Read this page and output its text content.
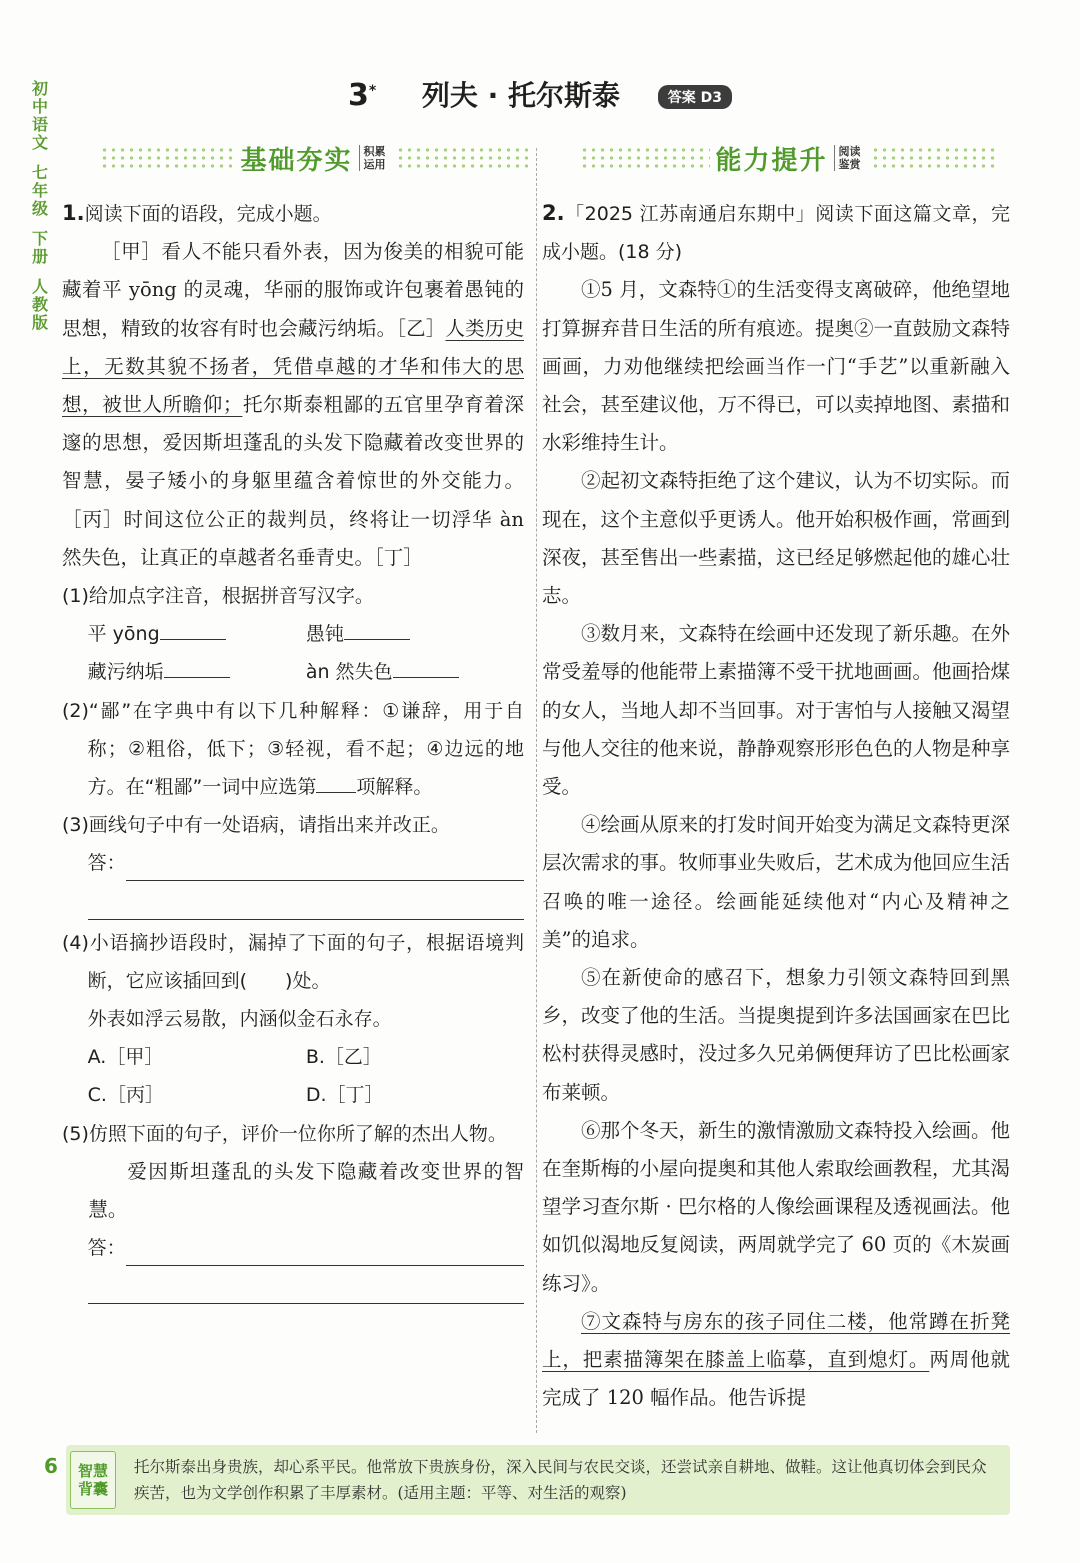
初中语文
七年级
下册
人教版
3* 列夫 · 托尔斯泰	答案 D3
基础夯实	积累运用	能力提升	阅读鉴赏

1.阅读下面的语段，完成小题。

［甲］看人不能只看外表，因为俊美的相貌可能藏着平 yōng 的灵魂，华丽的服饰或许包裹着愚钝的思想，精致的妆容有时也会藏污纳垢。［乙］人类历史上，无数其貌不扬者，凭借卓越的才华和伟大的思想，被世人所瞻仰；托尔斯泰粗鄙的五官里孕育着深邃的思想，爱因斯坦蓬乱的头发下隐藏着改变世界的智慧，晏子矮小的身躯里蕴含着惊世的外交能力。［丙］时间这位公正的裁判员，终将让一切浮华 àn 然失色，让真正的卓越者名垂青史。［丁］

(1)给加点字注音，根据拼音写汉字。

平 yōng	愚钝
藏污纳垢	àn 然失色

(2)“鄙”在字典中有以下几种解释：①谦辞，用于自称；②粗俗，低下；③轻视，看不起；④边远的地方。在“粗鄙”一词中应选第 项解释。

(3)画线句子中有一处语病，请指出来并改正。

答：

(4)小语摘抄语段时，漏掉了下面的句子，根据语境判断，它应该插回到(　　)处。

外表如浮云易散，内涵似金石永存。

A.［甲］	B.［乙］
C.［丙］	D.［丁］

(5)仿照下面的句子，评价一位你所了解的杰出人物。

爱因斯坦蓬乱的头发下隐藏着改变世界的智慧。

答：

2.「2025 江苏南通启东期中」阅读下面这篇文章，完成小题。(18 分)

①5 月，文森特①的生活变得支离破碎，他绝望地打算摒弃昔日生活的所有痕迹。提奥②一直鼓励文森特画画，力劝他继续把绘画当作一门“手艺”以重新融入社会，甚至建议他，万不得已，可以卖掉地图、素描和水彩维持生计。

②起初文森特拒绝了这个建议，认为不切实际。而现在，这个主意似乎更诱人。他开始积极作画，常画到深夜，甚至售出一些素描，这已经足够燃起他的雄心壮志。

③数月来，文森特在绘画中还发现了新乐趣。在外常受羞辱的他能带上素描簿不受干扰地画画。他画拾煤的女人，当地人却不当回事。对于害怕与人接触又渴望与他人交往的他来说，静静观察形形色色的人物是种享受。

④绘画从原来的打发时间开始变为满足文森特更深层次需求的事。牧师事业失败后，艺术成为他回应生活召唤的唯一途径。绘画能延续他对“内心及精神之美”的追求。

⑤在新使命的感召下，想象力引领文森特回到黑乡，改变了他的生活。当提奥提到许多法国画家在巴比松村获得灵感时，没过多久兄弟俩便拜访了巴比松画家布莱顿。

⑥那个冬天，新生的激情激励文森特投入绘画。他在奎斯梅的小屋向提奥和其他人索取绘画教程，尤其渴望学习查尔斯 · 巴尔格的人像绘画课程及透视画法。他如饥似渴地反复阅读，两周就学完了 60 页的《木炭画练习》。

⑦文森特与房东的孩子同住二楼，他常蹲在折凳上，把素描簿架在膝盖上临摹，直到熄灯。两周他就完成了 120 幅作品。他告诉提

6	智慧背囊
托尔斯泰出身贵族，却心系平民。他常放下贵族身份，深入民间与农民交谈，还尝试亲自耕地、做鞋。这让他真切体会到民众疾苦，也为文学创作积累了丰厚素材。(适用主题：平等、对生活的观察)
